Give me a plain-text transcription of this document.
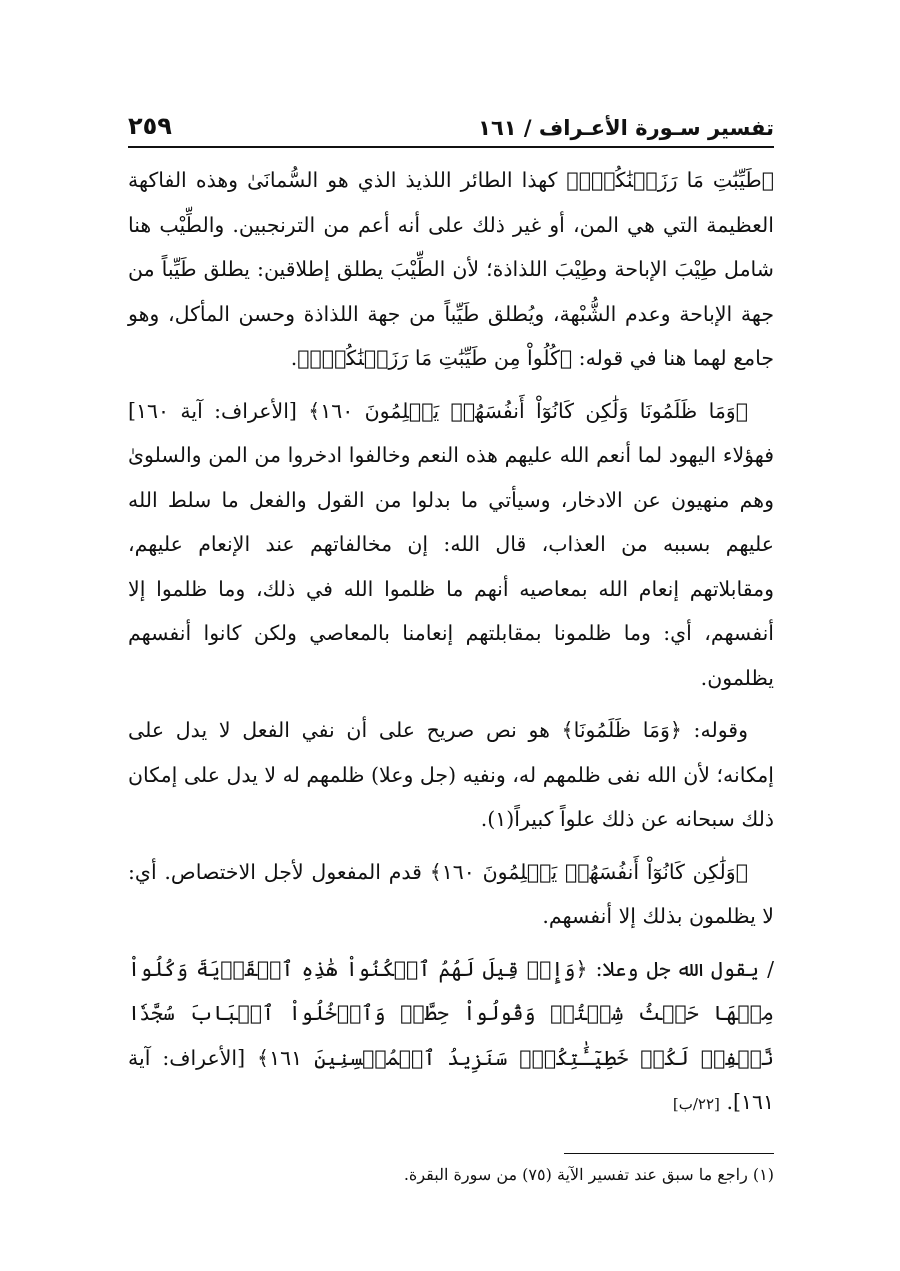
تفسير سـورة الأعـراف / ١٦١
٢٥٩

﴿طَيِّبَٰتِ مَا رَزَقۡنَٰكُمۡۚ﴾ كهذا الطائر اللذيذ الذي هو السُّمانَىٰ وهذه الفاكهة العظيمة التي هي المن، أو غير ذلك على أنه أعم من الترنجبين. والطِّيْب هنا شامل طِيْبَ الإباحة وطِيْبَ اللذاذة؛ لأن الطِّيْبَ يطلق إطلاقين: يطلق طَيِّباً من جهة الإباحة وعدم الشُّبْهة، ويُطلق طَيِّباً من جهة اللذاذة وحسن المأكل، وهو جامع لهما هنا في قوله: ﴿كُلُواْ مِن طَيِّبَٰتِ مَا رَزَقۡنَٰكُمۡۚ﴾.

﴿وَمَا ظَلَمُونَا وَلَٰكِن كَانُوٓاْ أَنفُسَهُمۡ يَظۡلِمُونَ ١٦٠﴾ [الأعراف: آية ١٦٠] فهؤلاء اليهود لما أنعم الله عليهم هذه النعم وخالفوا ادخروا من المن والسلوىٰ وهم منهيون عن الادخار، وسيأتي ما بدلوا من القول والفعل ما سلط الله عليهم بسببه من العذاب، قال الله: إن مخالفاتهم عند الإنعام عليهم، ومقابلاتهم إنعام الله بمعاصيه أنهم ما ظلموا الله في ذلك، وما ظلموا إلا أنفسهم، أي: وما ظلمونا بمقابلتهم إنعامنا بالمعاصي ولكن كانوا أنفسهم يظلمون.

وقوله: ﴿وَمَا ظَلَمُونَا﴾ هو نص صريح على أن نفي الفعل لا يدل على إمكانه؛ لأن الله نفى ظلمهم له، ونفيه (جل وعلا) ظلمهم له لا يدل على إمكان ذلك سبحانه عن ذلك علواً كبيراً(١).

﴿وَلَٰكِن كَانُوٓاْ أَنفُسَهُمۡ يَظۡلِمُونَ ١٦٠﴾ قدم المفعول لأجل الاختصاص. أي: لا يظلمون بذلك إلا أنفسهم.

/ يقول الله جل وعلا: ﴿وَإِذۡ قِيلَ لَهُمُ ٱسۡكُنُواْ هَٰذِهِ ٱلۡقَرۡيَةَ وَكُلُواْ مِنۡهَا حَيۡثُ شِئۡتُمۡ وَقُولُواْ حِطَّةٞ وَٱدۡخُلُواْ ٱلۡبَابَ سُجَّدٗا نَّغۡفِرۡ لَكُمۡ خَطِيٓـَٰٔتِكُمۡۚ سَنَزِيدُ ٱلۡمُحۡسِنِينَ ١٦١﴾ [الأعراف: آية ١٦١]. [٢٢/ب]

(١) راجع ما سبق عند تفسير الآية (٧٥) من سورة البقرة.
